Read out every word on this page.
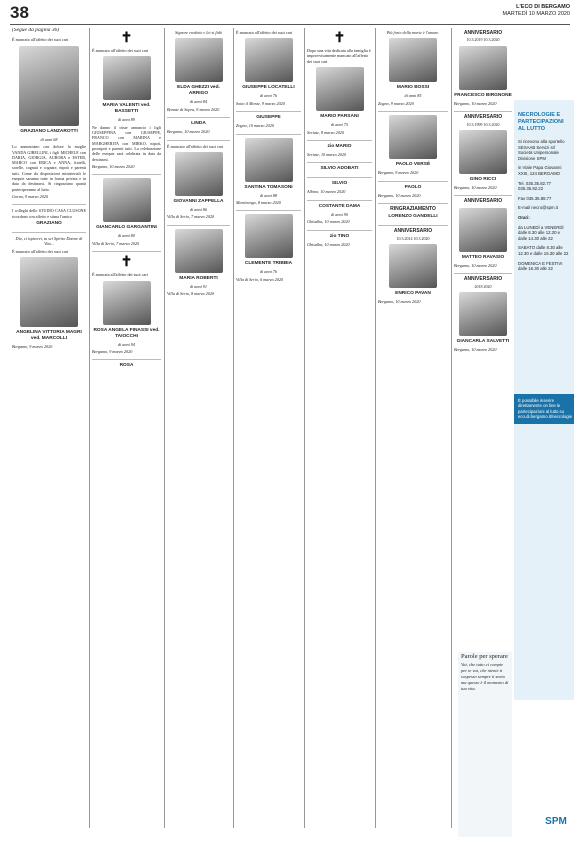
38	L'ECO DI BERGAMO
MARTEDÌ 10 MARZO 2020
(Segue da pagina 36)
È mancato all'affetto dei suoi cari
GRAZIANO LANZAROTTI
di anni 68
Lo annunciano con dolore la moglie VANDA GIBELLINI, i figli MICHELE con DARIA, GIORGIA, AURORA e ESTER, MARCO con ERICA e ANNA, fratelli, sorelle, cognati e cognate, nipoti e parenti tutti. Come da disposizioni ministeriali le esequie saranno tutte in forma privata e in data da destinarsi. Si ringraziano quanti parteciperanno al lutto.
Gorno, 9 marzo 2020
I colleghi dello STUDIO CASA CLUSONE ricordano con affetto e stima l'amico
GRAZIANO
Dio, ci ispirerei, tu sei Spirito Datore di Vita...
È mancato all'affetto dei suoi cari
ANGELINA VITTORIA MAGRI ved. MARCOLLI
Bergamo, 9 marzo 2020
✝
È mancato all'affetto dei suoi cari
MARIA VALENTI ved. BASSETTI
di anni 89
Ne danno il triste annuncio i figli GIUSEPPINA con GIUSEPPE, FRANCO con MARINA e MARGHERITA con MIRKO, nipoti, pronipoti e parenti tutti. La celebrazione delle esequie sarà celebrata in data da destinarsi.
Bergamo, 10 marzo 2020
GIANCARLO GARGANTINI
di anni 80
Villa di Serio, 7 marzo 2020
✝
È mancata all'affetto dei suoi cari
ROSA ANGELA FINASSI ved. TAIOCCHI
di anni 94
Bergamo, 9 marzo 2020
ROSA
Signore credette e lei si fidò
ELDA GHEZZI ved. ARRIGO
di anni 84
Bonate di Sopra, 9 marzo 2020
LINDA
Bergamo, 10 marzo 2020
È mancato all'affetto dei suoi cari
GIOVANNI ZAPPELLA
di anni 86
Villa di Serio, 7 marzo 2020
MARIA ROBERTI
di anni 91
Villa di Serio, 8 marzo 2020
È mancato all'affetto dei suoi cari
GIUSEPPE LOCATELLI
di anni 76
Sotto il Monte, 9 marzo 2020
GIUSEPPE
Zogno, 10 marzo 2020
SANTINA TOMASONI
di anni 88
Martinengo, 8 marzo 2020
CLEMENTE TRIBBIA
di anni 76
Villa di Serio, 6 marzo 2020
✝
Dopo una vita dedicata alla famiglia è improvvisamente mancato all'affetto dei suoi cari
MARIO PARSANI
di anni 75
Seriate, 8 marzo 2020
zio MARIO
Seriate, 10 marzo 2020
SILVIO ADOBATI
SILVIO
Albino, 10 marzo 2020
COSTANTE DAMA
di anni 90
Ghisalba, 10 marzo 2020
zio TINO
Ghisalba, 10 marzo 2020
Più forte della morte è l'amore.
MARIO BOSSI
di anni 85
Zogno, 9 marzo 2020
PAOLO VERSÉ
Bergamo, 9 marzo 2020
PAOLO
Bergamo, 10 marzo 2020
RINGRAZIAMENTO
LORENZO GANDELLI
ANNIVERSARIO
10.3.2014 10.3.2020
ENRICO PAVAN
Bergamo, 10 marzo 2020
ANNIVERSARIO
10.3.2019 10.3.2020
FRANCESCO BIRGNONE
Bergamo, 10 marzo 2020
ANNIVERSARIO
10.3.1999 10.3.2020
GINO RICCI
Bergamo, 10 marzo 2020
ANNIVERSARIO
MATTEO RAVASIO
Bergamo, 10 marzo 2020
ANNIVERSARIO
2018 2020
GIANCARLA SALVETTI
Bergamo, 10 marzo 2020
Parole per sperare

Vai, che tutto ci compie per te vai, che niente ti sospesso sempre ti sento ma questo è il momento di tua vita.

NECROLOGIE E PARTECIPAZIONI AL LUTTO
Si ricevono alla sportello SESAAB Servizi srl Società Unipersonale Divisione SPM
in Viale Papa Giovanni XXIII, 124 BERGAMO
Tel. 035.35.82.77 035.35.82.22
Fax 035.35.88.77
E-mail necro@spm.it
Orari:
da LUNEDÌ a VENERDÌ dalle 8.30 alle 12.30 e dalle 14.30 alle 22
SABATO dalle 8.30 alle 12.30 e dalle 15.30 alle 22
DOMENICA E FESTIVI dalle 16.30 alle 22
È possibile inserire direttamente on line le partecipazioni al lutto su eco.di.bergamo.it/necrologie
SPM
